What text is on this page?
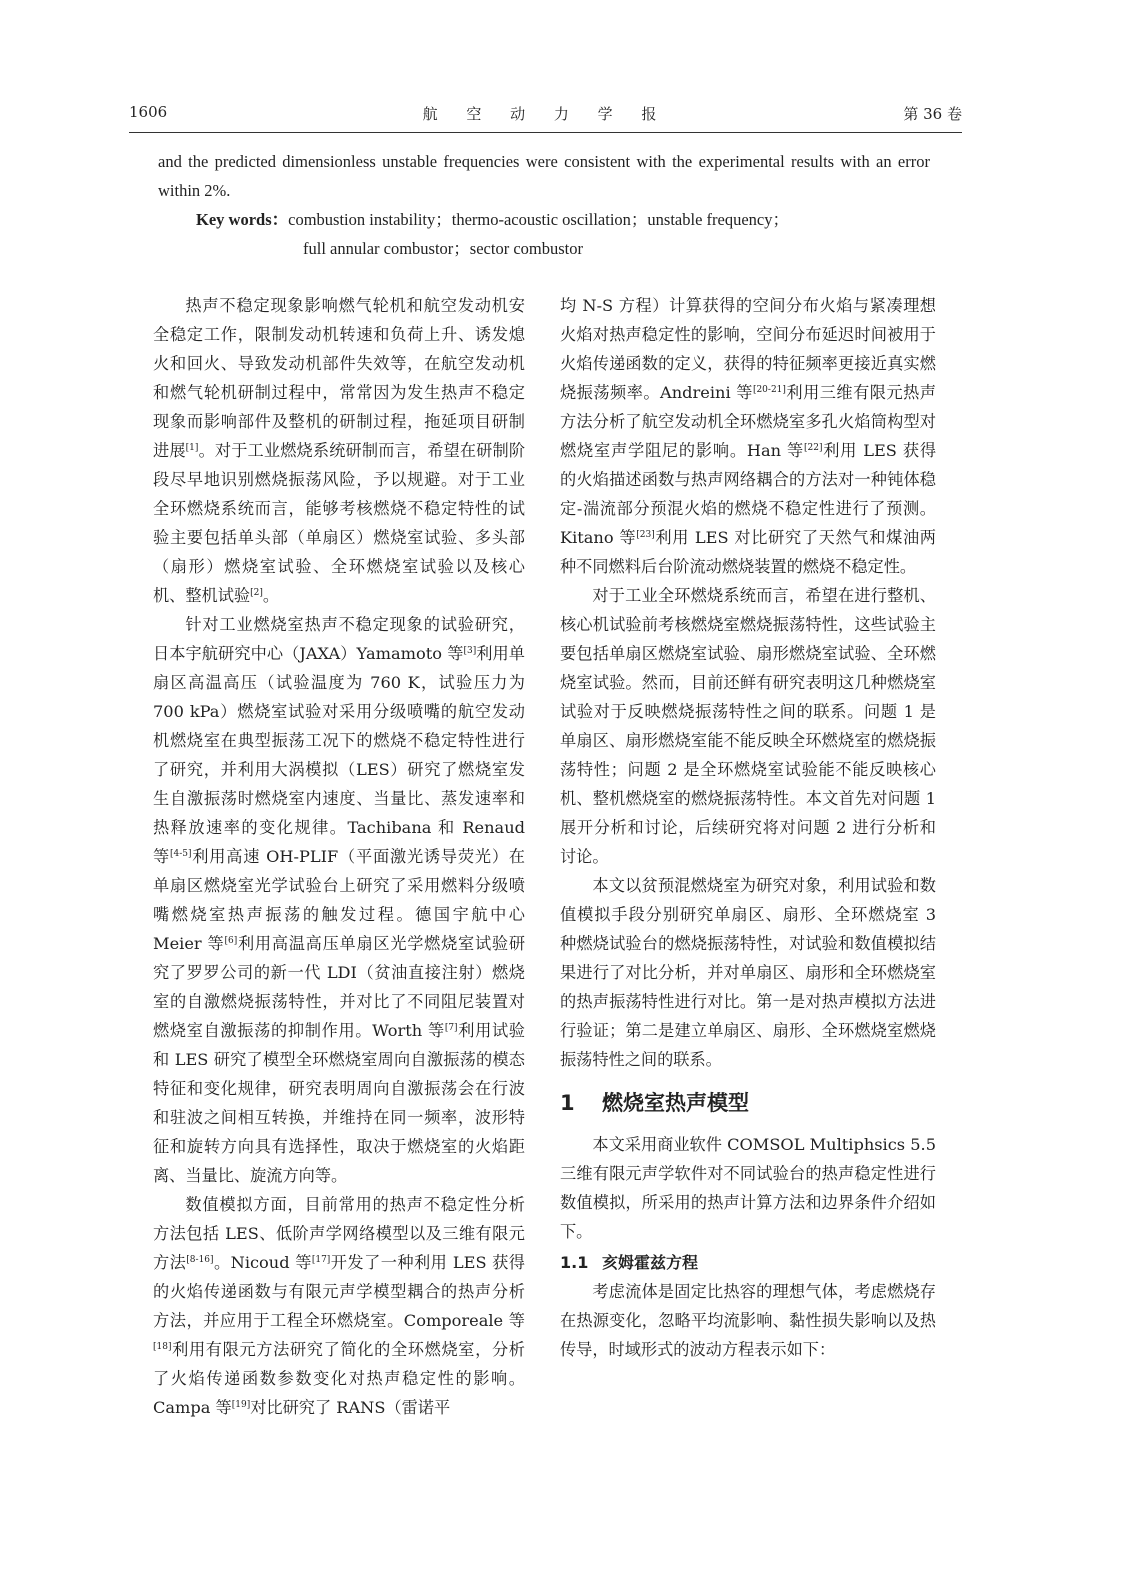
1606	航 空 动 力 学 报	第 36 卷
and the predicted dimensionless unstable frequencies were consistent with the experimental results with an error within 2%.
Key words：combustion instability；thermo-acoustic oscillation；unstable frequency；
full annular combustor；sector combustor

热声不稳定现象影响燃气轮机和航空发动机安全稳定工作，限制发动机转速和负荷上升、诱发熄火和回火、导致发动机部件失效等，在航空发动机和燃气轮机研制过程中，常常因为发生热声不稳定现象而影响部件及整机的研制过程，拖延项目研制进展[1]。对于工业燃烧系统研制而言，希望在研制阶段尽早地识别燃烧振荡风险，予以规避。对于工业全环燃烧系统而言，能够考核燃烧不稳定特性的试验主要包括单头部（单扇区）燃烧室试验、多头部（扇形）燃烧室试验、全环燃烧室试验以及核心机、整机试验[2]。

针对工业燃烧室热声不稳定现象的试验研究，日本宇航研究中心（JAXA）Yamamoto 等[3]利用单扇区高温高压（试验温度为 760 K，试验压力为 700 kPa）燃烧室试验对采用分级喷嘴的航空发动机燃烧室在典型振荡工况下的燃烧不稳定特性进行了研究，并利用大涡模拟（LES）研究了燃烧室发生自激振荡时燃烧室内速度、当量比、蒸发速率和热释放速率的变化规律。Tachibana 和 Renaud 等[4-5]利用高速 OH-PLIF（平面激光诱导荧光）在单扇区燃烧室光学试验台上研究了采用燃料分级喷嘴燃烧室热声振荡的触发过程。德国宇航中心 Meier 等[6]利用高温高压单扇区光学燃烧室试验研究了罗罗公司的新一代 LDI（贫油直接注射）燃烧室的自激燃烧振荡特性，并对比了不同阻尼装置对燃烧室自激振荡的抑制作用。Worth 等[7]利用试验和 LES 研究了模型全环燃烧室周向自激振荡的模态特征和变化规律，研究表明周向自激振荡会在行波和驻波之间相互转换，并维持在同一频率，波形特征和旋转方向具有选择性，取决于燃烧室的火焰距离、当量比、旋流方向等。

数值模拟方面，目前常用的热声不稳定性分析方法包括 LES、低阶声学网络模型以及三维有限元方法[8-16]。Nicoud 等[17]开发了一种利用 LES 获得的火焰传递函数与有限元声学模型耦合的热声分析方法，并应用于工程全环燃烧室。Comporeale 等[18]利用有限元方法研究了简化的全环燃烧室，分析了火焰传递函数参数变化对热声稳定性的影响。Campa 等[19]对比研究了 RANS（雷诺平

均 N-S 方程）计算获得的空间分布火焰与紧凑理想火焰对热声稳定性的影响，空间分布延迟时间被用于火焰传递函数的定义，获得的特征频率更接近真实燃烧振荡频率。Andreini 等[20-21]利用三维有限元热声方法分析了航空发动机全环燃烧室多孔火焰筒构型对燃烧室声学阻尼的影响。Han 等[22]利用 LES 获得的火焰描述函数与热声网络耦合的方法对一种钝体稳定-湍流部分预混火焰的燃烧不稳定性进行了预测。Kitano 等[23]利用 LES 对比研究了天然气和煤油两种不同燃料后台阶流动燃烧装置的燃烧不稳定性。

对于工业全环燃烧系统而言，希望在进行整机、核心机试验前考核燃烧室燃烧振荡特性，这些试验主要包括单扇区燃烧室试验、扇形燃烧室试验、全环燃烧室试验。然而，目前还鲜有研究表明这几种燃烧室试验对于反映燃烧振荡特性之间的联系。问题 1 是单扇区、扇形燃烧室能不能反映全环燃烧室的燃烧振荡特性；问题 2 是全环燃烧室试验能不能反映核心机、整机燃烧室的燃烧振荡特性。本文首先对问题 1 展开分析和讨论，后续研究将对问题 2 进行分析和讨论。

本文以贫预混燃烧室为研究对象，利用试验和数值模拟手段分别研究单扇区、扇形、全环燃烧室 3 种燃烧试验台的燃烧振荡特性，对试验和数值模拟结果进行了对比分析，并对单扇区、扇形和全环燃烧室的热声振荡特性进行对比。第一是对热声模拟方法进行验证；第二是建立单扇区、扇形、全环燃烧室燃烧振荡特性之间的联系。

1 燃烧室热声模型

本文采用商业软件 COMSOL Multiphsics 5.5 三维有限元声学软件对不同试验台的热声稳定性进行数值模拟，所采用的热声计算方法和边界条件介绍如下。

1.1 亥姆霍兹方程

考虑流体是固定比热容的理想气体，考虑燃烧存在热源变化，忽略平均流影响、黏性损失影响以及热传导，时域形式的波动方程表示如下：
